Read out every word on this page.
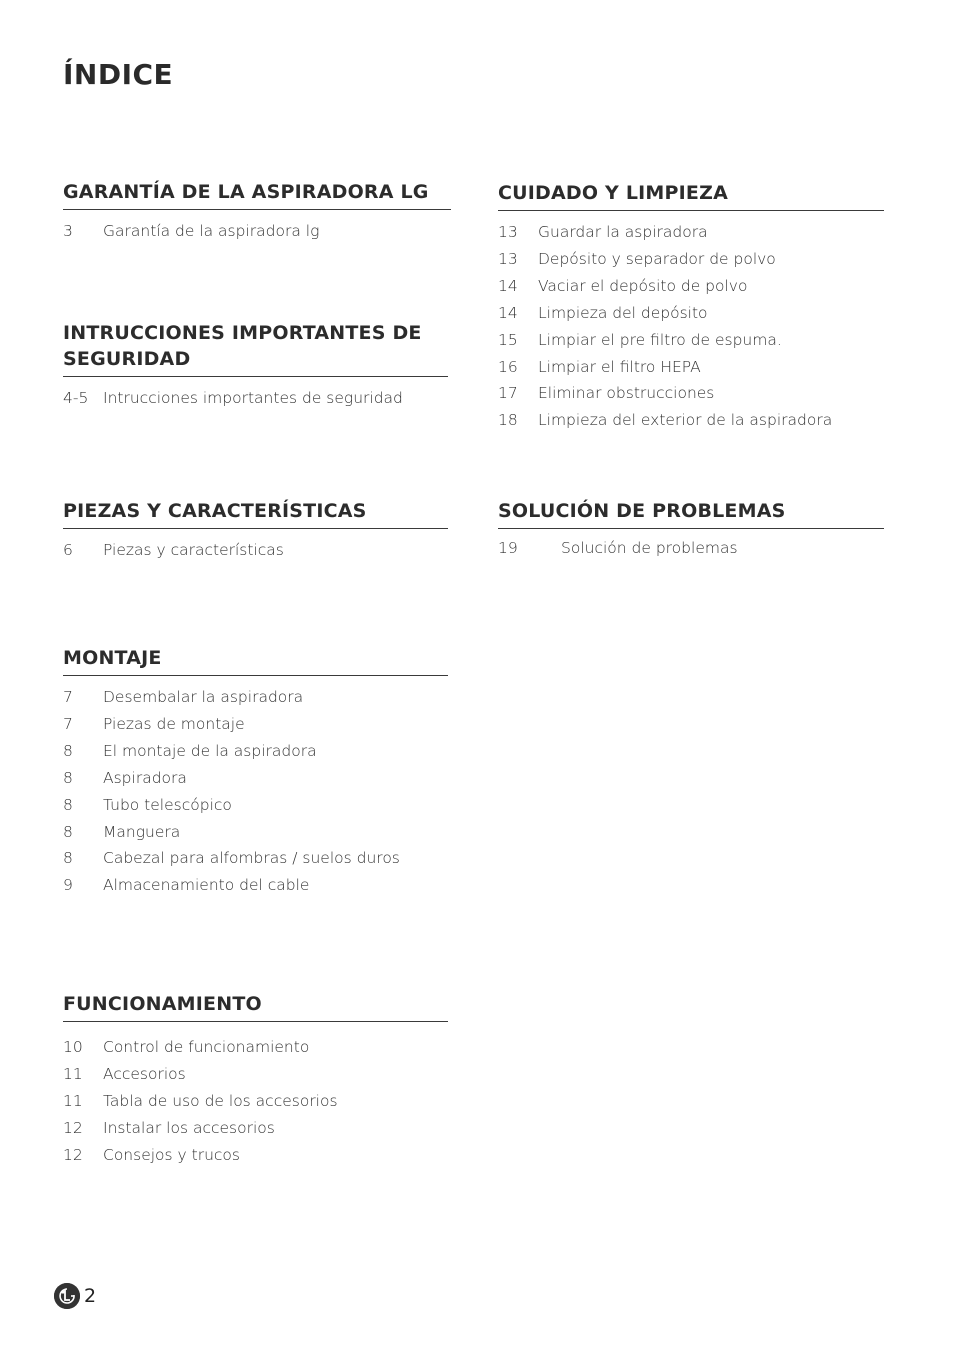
ÍNDICE
GARANTÍA DE LA ASPIRADORA LG
3	Garantía de la aspiradora lg
INTRUCCIONES IMPORTANTES DE
SEGURIDAD
4-5 Intrucciones importantes de seguridad
PIEZAS Y CARACTERÍSTICAS
6	Piezas y características
MONTAJE
7	Desembalar la aspiradora
7	Piezas de montaje
8	El montaje de la aspiradora
8	Aspiradora
8	Tubo telescópico
8	Manguera
8	Cabezal para alfombras / suelos duros
9	Almacenamiento del cable
FUNCIONAMIENTO
10	Control de funcionamiento
11	Accesorios
11	Tabla de uso de los accesorios
12	Instalar los accesorios
12	Consejos y trucos
CUIDADO Y LIMPIEZA
13	Guardar la aspiradora
13	Depósito y separador de polvo
14	Vaciar el depósito de polvo
14	Limpieza del depósito
15	Limpiar el pre filtro de espuma.
16	Limpiar el filtro HEPA
17	Eliminar obstrucciones
18	Limpieza del exterior de la aspiradora
SOLUCIÓN DE PROBLEMAS
19	Solución de problemas
2
